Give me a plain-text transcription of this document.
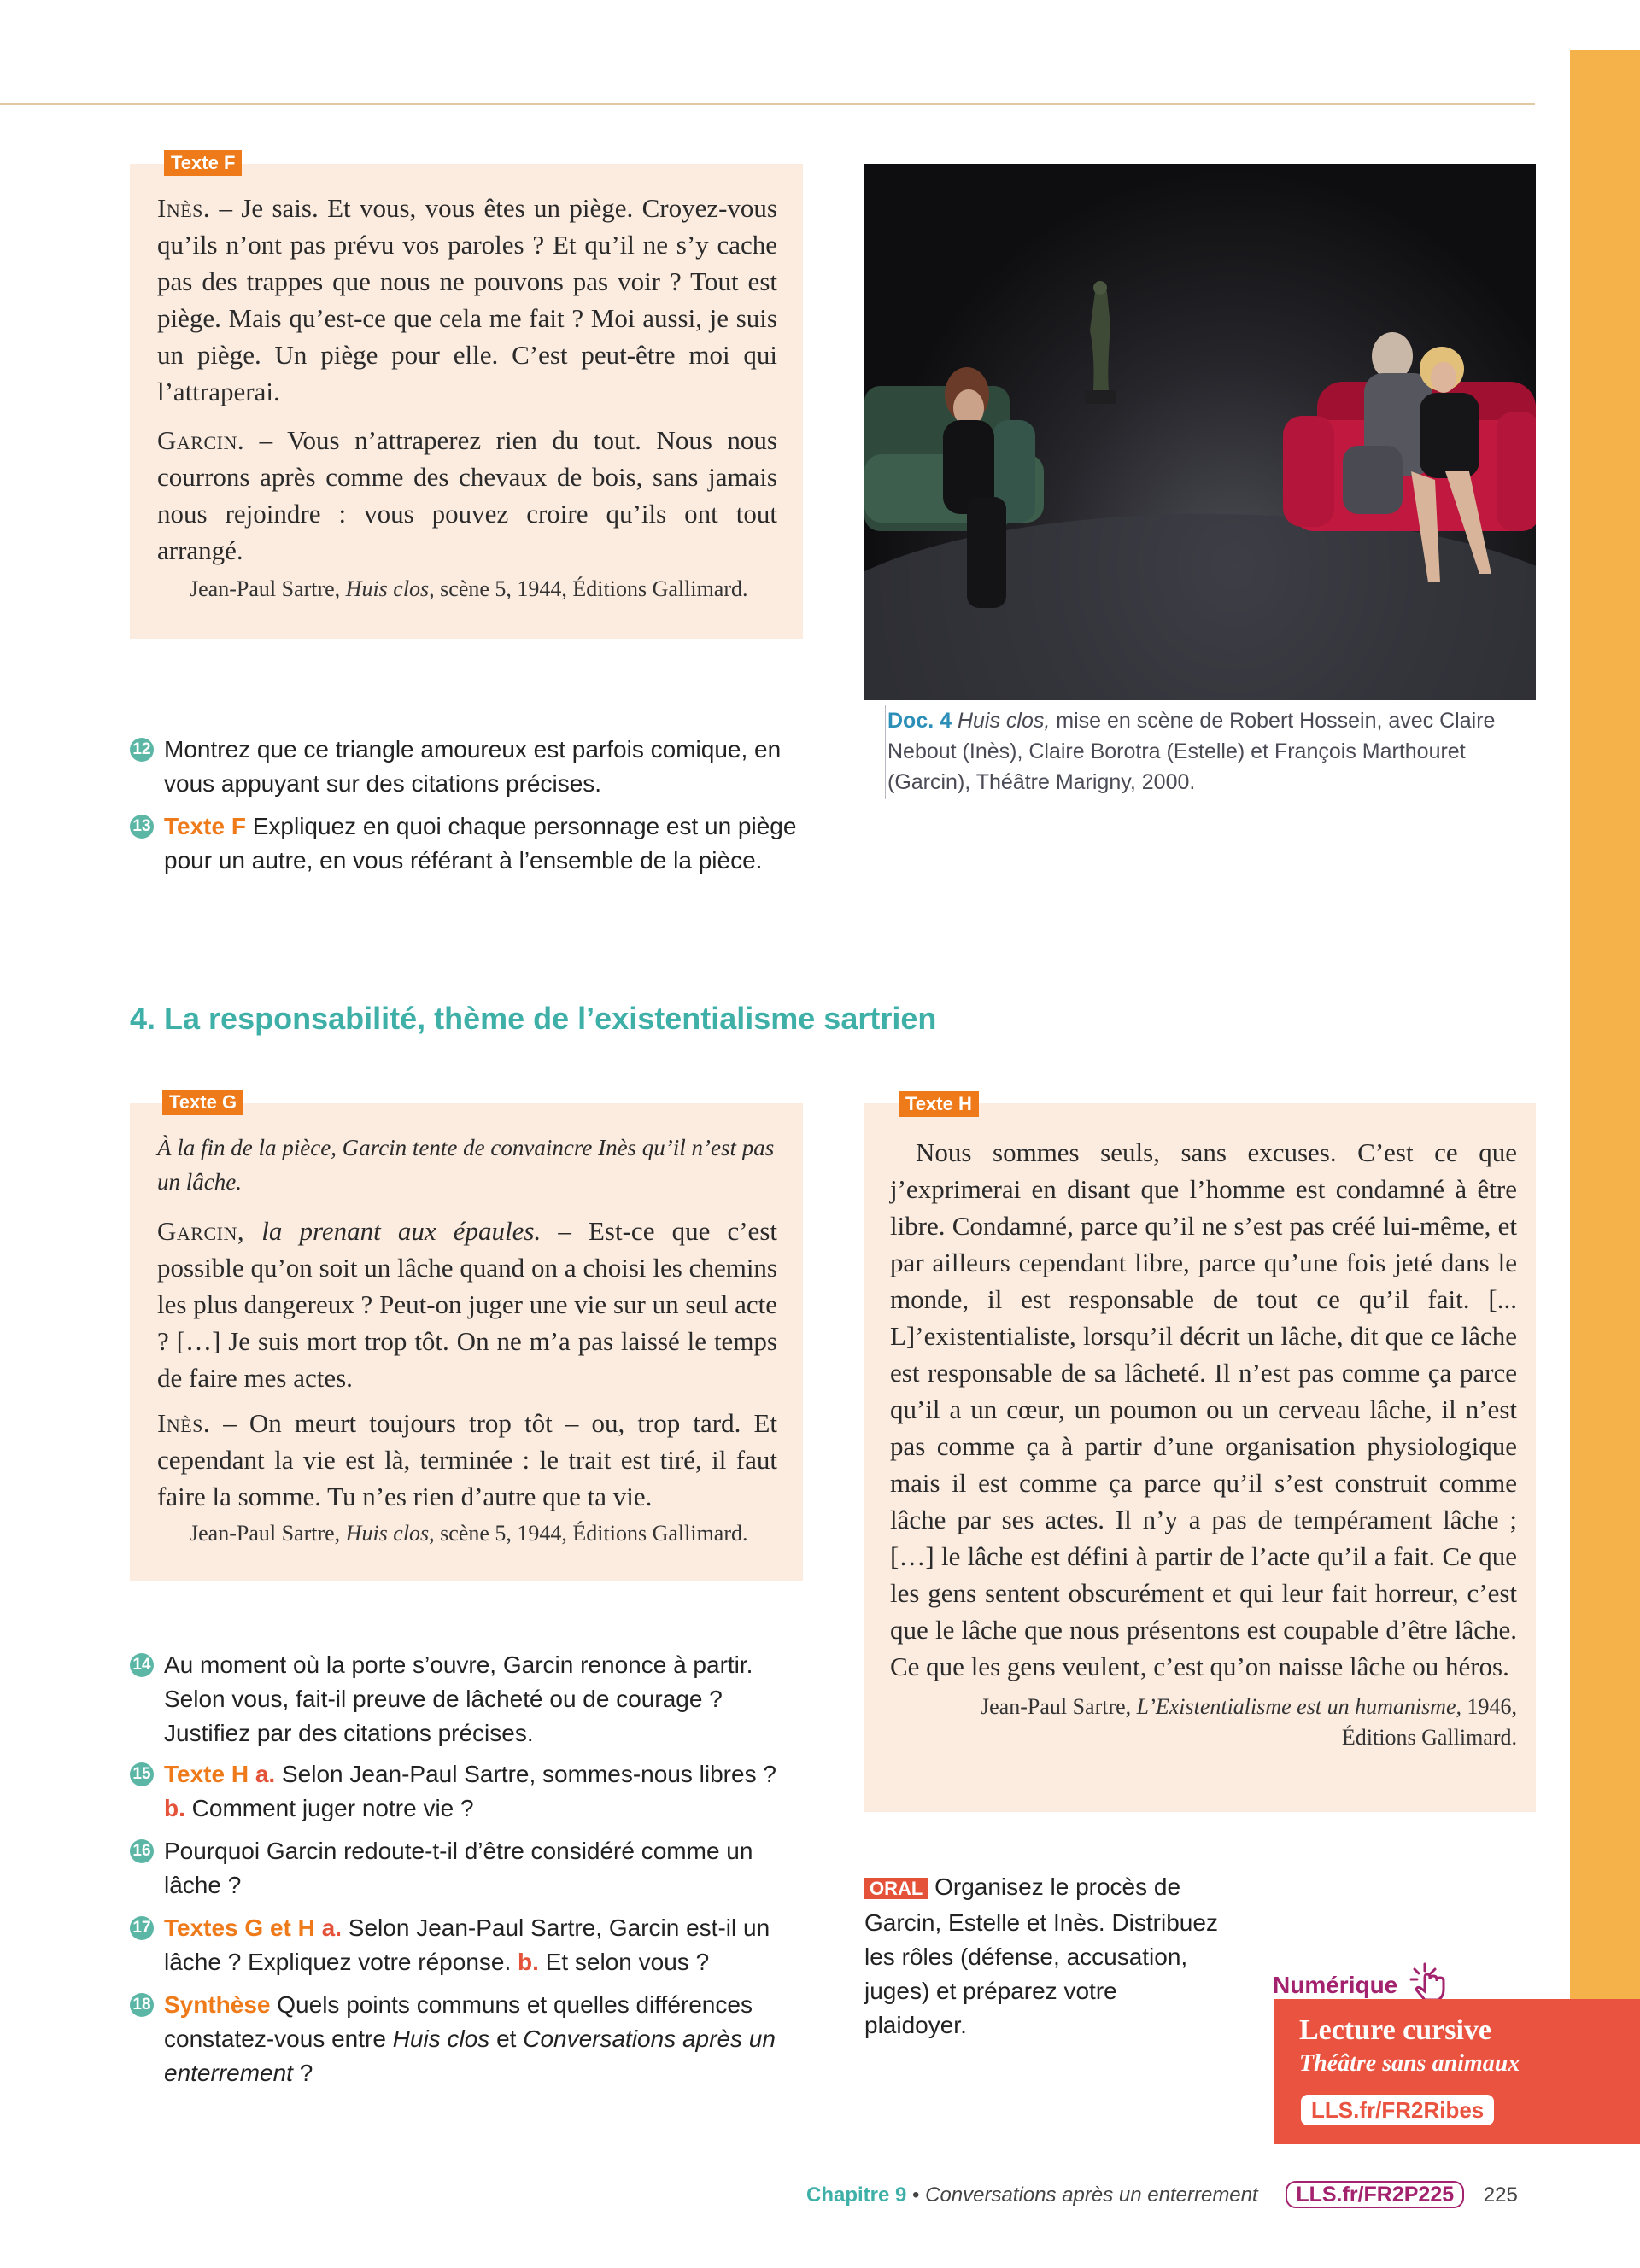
Texte F

Inès. – Je sais. Et vous, vous êtes un piège. Croyez-vous qu’ils n’ont pas prévu vos paroles ? Et qu’il ne s’y cache pas des trappes que nous ne pouvons pas voir ? Tout est piège. Mais qu’est-ce que cela me fait ? Moi aussi, je suis un piège. Un piège pour elle. C’est peut-être moi qui l’attraperai.

Garcin. – Vous n’attraperez rien du tout. Nous nous courrons après comme des chevaux de bois, sans jamais nous rejoindre : vous pouvez croire qu’ils ont tout arrangé.

Jean-Paul Sartre, Huis clos, scène 5, 1944, Éditions Gallimard.

Doc. 4 Huis clos, mise en scène de Robert Hossein, avec Claire Nebout (Inès), Claire Borotra (Estelle) et François Marthouret (Garcin), Théâtre Marigny, 2000.
12 Montrez que ce triangle amoureux est parfois comique, en vous appuyant sur des citations précises.
13 Texte F Expliquez en quoi chaque personnage est un piège pour un autre, en vous référant à l’ensemble de la pièce.
4. La responsabilité, thème de l’existentialisme sartrien
Texte G

À la fin de la pièce, Garcin tente de convaincre Inès qu’il n’est pas un lâche.

Garcin, la prenant aux épaules. – Est-ce que c’est possible qu’on soit un lâche quand on a choisi les chemins les plus dangereux ? Peut-on juger une vie sur un seul acte ? […] Je suis mort trop tôt. On ne m’a pas laissé le temps de faire mes actes.

Inès. – On meurt toujours trop tôt – ou, trop tard. Et cependant la vie est là, terminée : le trait est tiré, il faut faire la somme. Tu n’es rien d’autre que ta vie.

Jean-Paul Sartre, Huis clos, scène 5, 1944, Éditions Gallimard.

Texte H

Nous sommes seuls, sans excuses. C’est ce que j’exprimerai en disant que l’homme est condamné à être libre. Condamné, parce qu’il ne s’est pas créé lui-même, et par ailleurs cependant libre, parce qu’une fois jeté dans le monde, il est responsable de tout ce qu’il fait. [... L]’existentialiste, lorsqu’il décrit un lâche, dit que ce lâche est responsable de sa lâcheté. Il n’est pas comme ça parce qu’il a un cœur, un poumon ou un cerveau lâche, il n’est pas comme ça à partir d’une organisation physiologique mais il est comme ça parce qu’il s’est construit comme lâche par ses actes. Il n’y a pas de tempérament lâche ; […] le lâche est défini à partir de l’acte qu’il a fait. Ce que les gens sentent obscurément et qui leur fait horreur, c’est que le lâche que nous présentons est coupable d’être lâche. Ce que les gens veulent, c’est qu’on naisse lâche ou héros.

Jean-Paul Sartre, L’Existentialisme est un humanisme, 1946,
Éditions Gallimard.

14 Au moment où la porte s’ouvre, Garcin renonce à partir. Selon vous, fait-il preuve de lâcheté ou de courage ? Justifiez par des citations précises.
15 Texte H a. Selon Jean-Paul Sartre, sommes-nous libres ?
b. Comment juger notre vie ?
16 Pourquoi Garcin redoute-t-il d’être considéré comme un lâche ?
17 Textes G et H a. Selon Jean-Paul Sartre, Garcin est-il un lâche ? Expliquez votre réponse. b. Et selon vous ?
18 Synthèse Quels points communs et quelles différences constatez-vous entre Huis clos et Conversations après un enterrement ?
ORAL Organisez le procès de Garcin, Estelle et Inès. Distribuez les rôles (défense, accusation, juges) et préparez votre plaidoyer.
Numérique
Lecture cursive
Théâtre sans animaux
LLS.fr/FR2Ribes
Chapitre 9 • Conversations après un enterrement LLS.fr/FR2P225 225
